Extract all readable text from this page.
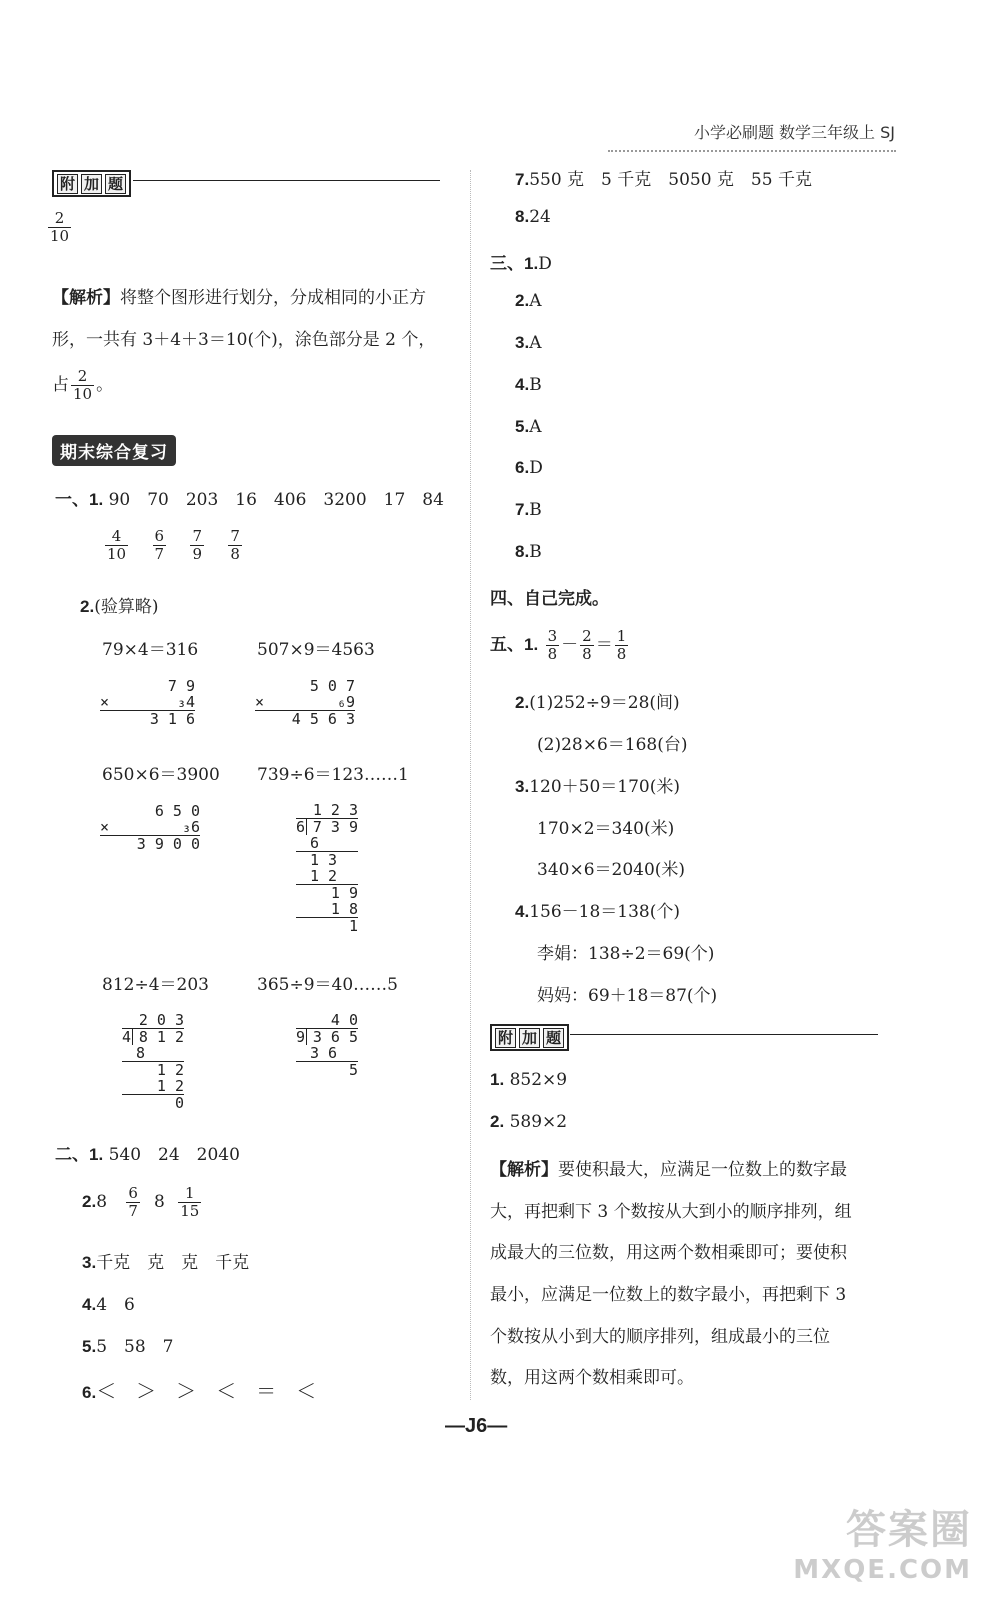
小学必刷题 数学三年级上 SJ
附 加 题
$\frac{2}{10}$
【解析】将整个图形进行划分，分成相同的小正方
形，一共有 3＋4＋3＝10(个)，涂色部分是 2 个，
占 $\frac{2}{10}$ 。
期末综合复习
一、1. 90　70　203　16　406　3200　17　84
$\frac{4}{10}$
$\frac{6}{7}$
$\frac{7}{9}$
$\frac{7}{8}$
2.(验算略)
79×4＝316	507×9＝4563
7 9
×	₃4
3 1 6
5 0 7
×	₆9
4 5 6 3
650×6＝3900 739÷6＝123……1
6 5 0
×	₃6
3 9 0 0
1 2 3
6 7 3 9
6
1 3
1 2
1 9
1 8
1
812÷4＝203	365÷9＝40……5
2 0 3
4 8 1 2
8
1 2
1 2
0
4 0
9 3 6 5
3 6
5
二、1. 540　24　2040
$2.8 \frac{6}{7} 8 \frac{1}{15}$
3.千克　克　克　千克
4.4　6
5.5　58　7
6.＜　＞　＞　＜　＝　＜
7.550 克　5 千克　5050 克　55 千克
8.24
三、1.D
2.A
3.A
4.B
5.A
6.D
7.B
8.B
四、自己完成。
五、1. $\frac{3}{8} - \frac{2}{8} = \frac{1}{8}$
2.(1)252÷9＝28(间)
(2)28×6＝168(台)
3.120＋50＝170(米)
170×2＝340(米)
340×6＝2040(米)
4.156－18＝138(个)
李娟：138÷2＝69(个)
妈妈：69＋18＝87(个)
附 加 题
1. 852×9
2. 589×2
【解析】要使积最大，应满足一位数上的数字最
大，再把剩下 3 个数按从大到小的顺序排列，组
成最大的三位数，用这两个数相乘即可；要使积
最小，应满足一位数上的数字最小，再把剩下 3
个数按从小到大的顺序排列，组成最小的三位
数，用这两个数相乘即可。
—J6—
答案圈
MXQE.COM
